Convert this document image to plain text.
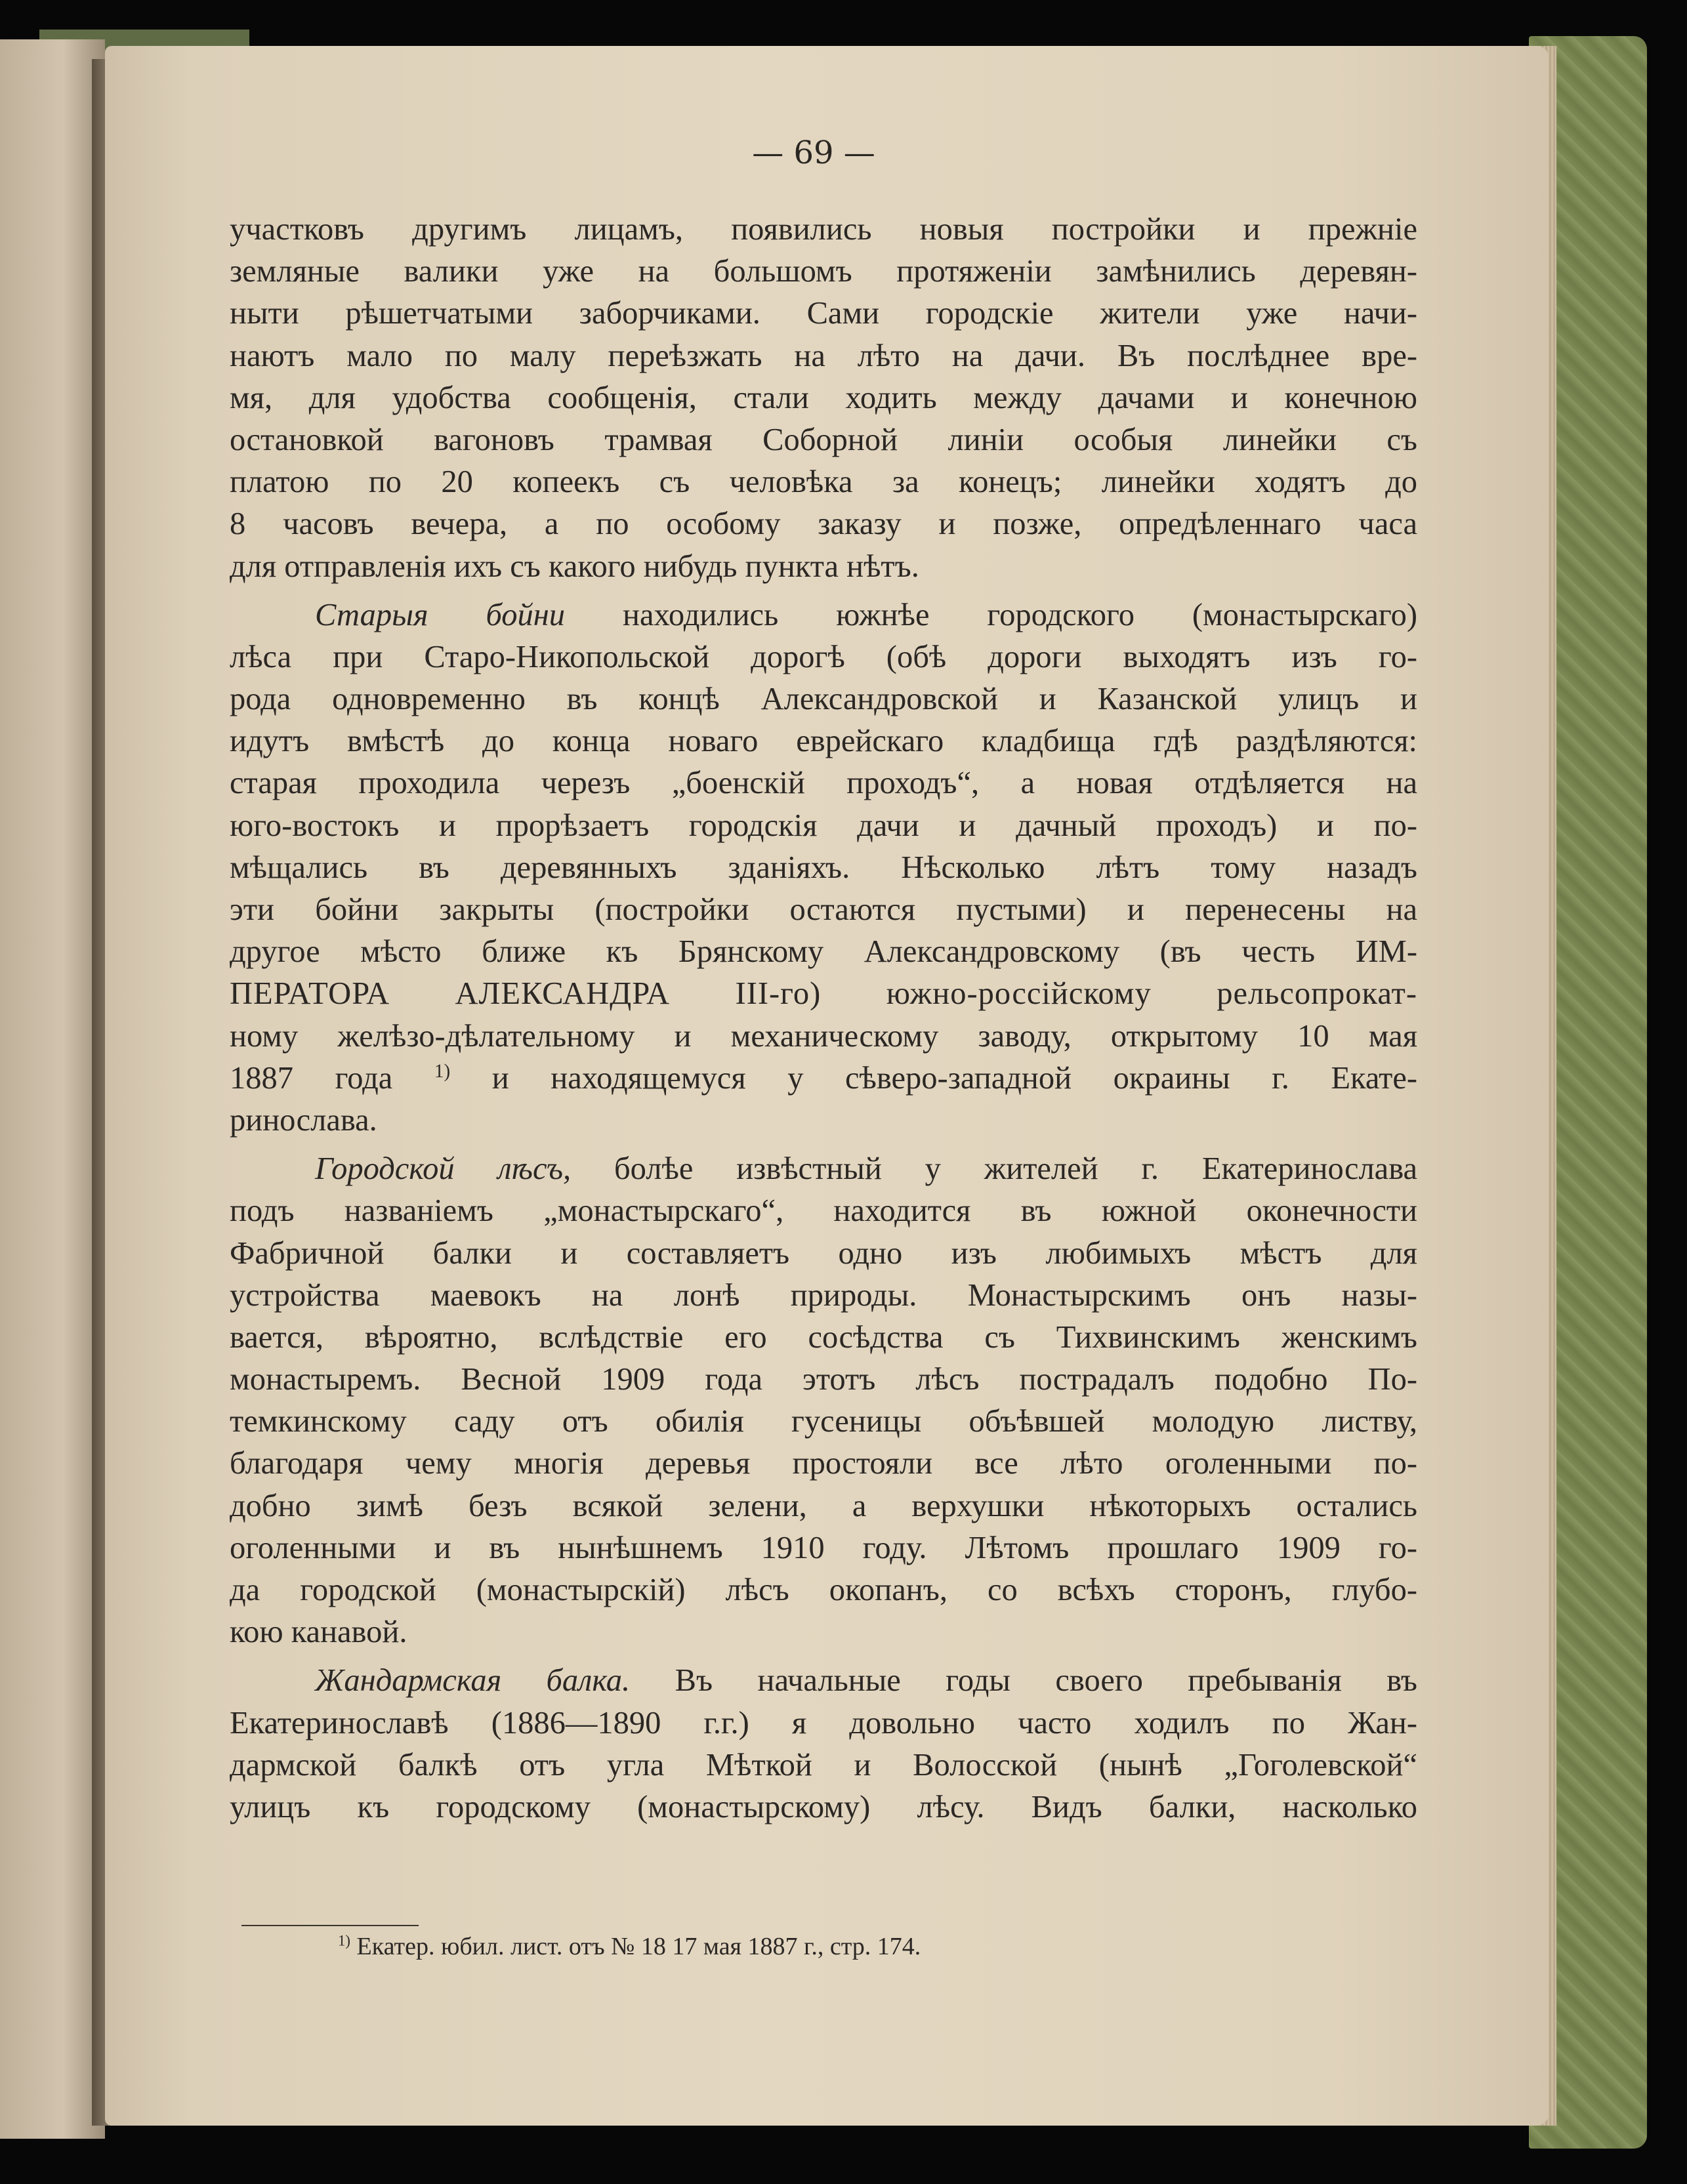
— 69 —
участковъ другимъ лицамъ, появились новыя постройки и прежніе
земляные валики уже на большомъ протяженіи замѣнились деревян-
ныти рѣшетчатыми заборчиками. Сами городскіе жители уже начи-
наютъ мало по малу переѣзжать на лѣто на дачи. Въ послѣднее вре-
мя, для удобства сообщенія, стали ходить между дачами и конечною
остановкой вагоновъ трамвая Соборной линіи особыя линейки съ
платою по 20 копеекъ съ человѣка за конецъ; линейки ходятъ до
8 часовъ вечера, а по особому заказу и позже, опредѣленнаго часа
для отправленія ихъ съ какого нибудь пункта нѣтъ.
Старыя бойни находились южнѣе городского (монастырскаго)
лѣса при Старо-Никопольской дорогѣ (обѣ дороги выходятъ изъ го-
рода одновременно въ концѣ Александровской и Казанской улицъ и
идутъ вмѣстѣ до конца новаго еврейскаго кладбища гдѣ раздѣляются:
старая проходила черезъ „боенскій проходъ“, а новая отдѣляется на
юго-востокъ и прорѣзаетъ городскія дачи и дачный проходъ) и по-
мѣщались въ деревянныхъ зданіяхъ. Нѣсколько лѣтъ тому назадъ
эти бойни закрыты (постройки остаются пустыми) и перенесены на
другое мѣсто ближе къ Брянскому Александровскому (въ честь ИМ-
ПЕРАТОРА АЛЕКСАНДРА III-го) южно-россійскому рельсопрокат-
ному желѣзо-дѣлательному и механическому заводу, открытому 10 мая
1887 года $^{1)}$ и находящемуся у сѣверо-западной окраины г. Екате-
ринослава.
Городской лѣсъ, болѣе извѣстный у жителей г. Екатеринослава
подъ названіемъ „монастырскаго“, находится въ южной оконечности
Фабричной балки и составляетъ одно изъ любимыхъ мѣстъ для
устройства маевокъ на лонѣ природы. Монастырскимъ онъ назы-
вается, вѣроятно, вслѣдствіе его сосѣдства съ Тихвинскимъ женскимъ
монастыремъ. Весной 1909 года этотъ лѣсъ пострадалъ подобно По-
темкинскому саду отъ обилія гусеницы объѣвшей молодую листву,
благодаря чему многія деревья простояли все лѣто оголенными по-
добно зимѣ безъ всякой зелени, а верхушки нѣкоторыхъ остались
оголенными и въ нынѣшнемъ 1910 году. Лѣтомъ прошлаго 1909 го-
да городской (монастырскій) лѣсъ окопанъ, со всѣхъ сторонъ, глубо-
кою канавой.
Жандармская балка. Въ начальные годы своего пребыванія въ
Екатеринославѣ (1886—1890 г.г.) я довольно часто ходилъ по Жан-
дармской балкѣ отъ угла Мѣткой и Волосской (нынѣ „Гоголевской“
улицъ къ городскому (монастырскому) лѣсу. Видъ балки, насколько
$^{1)}$ Екатер. юбил. лист. отъ № 18 17 мая 1887 г., стр. 174.
